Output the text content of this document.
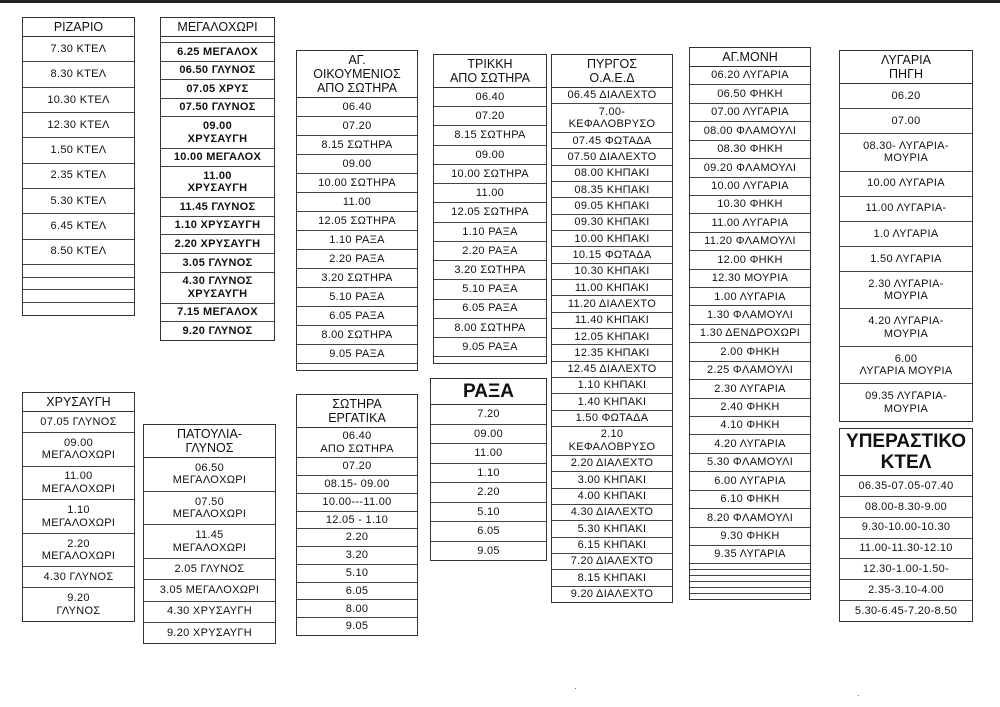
ΡΙΖΑΡΙΟ
7.30 ΚΤΕΛ
8.30 ΚΤΕΛ
10.30 ΚΤΕΛ
12.30 ΚΤΕΛ
1.50 ΚΤΕΛ
2.35 ΚΤΕΛ
5.30 ΚΤΕΛ
6.45 ΚΤΕΛ
8.50 ΚΤΕΛ
ΜΕΓΑΛΟΧΩΡΙ
6.25 ΜΕΓΑΛΟΧ
06.50 ΓΛΥΝΟΣ
07.05 ΧΡΥΣ
07.50 ΓΛΥΝΟΣ
09.00
ΧΡΥΣΑΥΓΗ
10.00 ΜΕΓΑΛΟΧ
11.00
ΧΡΥΣΑΥΓΗ
11.45 ΓΛΥΝΟΣ
1.10 ΧΡΥΣΑΥΓΗ
2.20 ΧΡΥΣΑΥΓΗ
3.05 ΓΛΥΝΟΣ
4.30 ΓΛΥΝΟΣ
ΧΡΥΣΑΥΓΗ
7.15 ΜΕΓΑΛΟΧ
9.20 ΓΛΥΝΟΣ
ΑΓ.
ΟΙΚΟΥΜΕΝΙΟΣ
ΑΠΟ ΣΩΤΗΡΑ
06.40
07.20
8.15 ΣΩΤΗΡΑ
09.00
10.00 ΣΩΤΗΡΑ
11.00
12.05 ΣΩΤΗΡΑ
1.10 ΡΑΞΑ
2.20 ΡΑΞΑ
3.20 ΣΩΤΗΡΑ
5.10 ΡΑΞΑ
6.05 ΡΑΞΑ
8.00 ΣΩΤΗΡΑ
9.05 ΡΑΞΑ
ΤΡΙΚΚΗ
ΑΠΟ ΣΩΤΗΡΑ
06.40
07.20
8.15 ΣΩΤΗΡΑ
09.00
10.00 ΣΩΤΗΡΑ
11.00
12.05 ΣΩΤΗΡΑ
1.10 ΡΑΞΑ
2.20 ΡΑΞΑ
3.20 ΣΩΤΗΡΑ
5.10 ΡΑΞΑ
6.05 ΡΑΞΑ
8.00 ΣΩΤΗΡΑ
9.05 ΡΑΞΑ
ΠΥΡΓΟΣ
Ο.Α.Ε.Δ
06.45 ΔΙΑΛΕΧΤΟ
7.00-
ΚΕΦΑΛΟΒΡΥΣΟ
07.45 ΦΩΤΑΔΑ
07.50 ΔΙΑΛΕΧΤΟ
08.00 ΚΗΠΑΚΙ
08.35 ΚΗΠΑΚΙ
09.05 ΚΗΠΑΚΙ
09.30 ΚΗΠΑΚΙ
10.00 ΚΗΠΑΚΙ
10.15 ΦΩΤΑΔΑ
10.30 ΚΗΠΑΚΙ
11.00 ΚΗΠΑΚΙ
11.20 ΔΙΑΛΕΧΤΟ
11.40 ΚΗΠΑΚΙ
12.05 ΚΗΠΑΚΙ
12.35 ΚΗΠΑΚΙ
12.45 ΔΙΑΛΕΧΤΟ
1.10 ΚΗΠΑΚΙ
1.40 ΚΗΠΑΚΙ
1.50 ΦΩΤΑΔΑ
2.10
ΚΕΦΑΛΟΒΡΥΣΟ
2.20 ΔΙΑΛΕΧΤΟ
3.00 ΚΗΠΑΚΙ
4.00 ΚΗΠΑΚΙ
4.30 ΔΙΑΛΕΧΤΟ
5.30 ΚΗΠΑΚΙ
6.15 ΚΗΠΑΚΙ
7.20 ΔΙΑΛΕΧΤΟ
8.15 ΚΗΠΑΚΙ
9.20 ΔΙΑΛΕΧΤΟ
ΑΓ.ΜΟΝΗ
06.20 ΛΥΓΑΡΙΑ
06.50 ΦΗΚΗ
07.00 ΛΥΓΑΡΙΑ
08.00 ΦΛΑΜΟΥΛΙ
08.30 ΦΗΚΗ
09.20 ΦΛΑΜΟΥΛΙ
10.00 ΛΥΓΑΡΙΑ
10.30 ΦΗΚΗ
11.00 ΛΥΓΑΡΙΑ
11.20 ΦΛΑΜΟΥΛΙ
12.00 ΦΗΚΗ
12.30 ΜΟΥΡΙΑ
1.00 ΛΥΓΑΡΙΑ
1.30 ΦΛΑΜΟΥΛΙ
1.30 ΔΕΝΔΡΟΧΩΡΙ
2.00 ΦΗΚΗ
2.25 ΦΛΑΜΟΥΛΙ
2.30 ΛΥΓΑΡΙΑ
2.40 ΦΗΚΗ
4.10 ΦΗΚΗ
4.20 ΛΥΓΑΡΙΑ
5.30 ΦΛΑΜΟΥΛΙ
6.00 ΛΥΓΑΡΙΑ
6.10 ΦΗΚΗ
8.20 ΦΛΑΜΟΥΛΙ
9.30 ΦΗΚΗ
9.35 ΛΥΓΑΡΙΑ
ΛΥΓΑΡΙΑ
ΠΗΓΗ
06.20
07.00
08.30- ΛΥΓΑΡΙΑ-
ΜΟΥΡΙΑ
10.00 ΛΥΓΑΡΙΑ
11.00 ΛΥΓΑΡΙΑ-
1.0 ΛΥΓΑΡΙΑ
1.50 ΛΥΓΑΡΙΑ
2.30 ΛΥΓΑΡΙΑ-
ΜΟΥΡΙΑ
4.20 ΛΥΓΑΡΙΑ-
ΜΟΥΡΙΑ
6.00
ΛΥΓΑΡΙΑ ΜΟΥΡΙΑ
09.35 ΛΥΓΑΡΙΑ-
ΜΟΥΡΙΑ
ΥΠΕΡΑΣΤΙΚΟ
ΚΤΕΛ
06.35-07.05-07.40
08.00-8.30-9.00
9.30-10.00-10.30
11.00-11.30-12.10
12.30-1.00-1.50-
2.35-3.10-4.00
5.30-6.45-7.20-8.50
ΧΡΥΣΑΥΓΗ
07.05 ΓΛΥΝΟΣ
09.00
ΜΕΓΑΛΟΧΩΡΙ
11.00
ΜΕΓΑΛΟΧΩΡΙ
1.10
ΜΕΓΑΛΟΧΩΡΙ
2.20
ΜΕΓΑΛΟΧΩΡΙ
4.30 ΓΛΥΝΟΣ
9.20
ΓΛΥΝΟΣ
ΠΑΤΟΥΛΙΑ-
ΓΛΥΝΟΣ
06.50
ΜΕΓΑΛΟΧΩΡΙ
07.50
ΜΕΓΑΛΟΧΩΡΙ
11.45
ΜΕΓΑΛΟΧΩΡΙ
2.05 ΓΛΥΝΟΣ
3.05 ΜΕΓΑΛΟΧΩΡΙ
4.30 ΧΡΥΣΑΥΓΗ
9.20 ΧΡΥΣΑΥΓΗ
ΣΩΤΗΡΑ
ΕΡΓΑΤΙΚΑ
06.40
ΑΠΟ ΣΩΤΗΡΑ
07.20
08.15- 09.00
10.00---11.00
12.05 - 1.10
2.20
3.20
5.10
6.05
8.00
9.05
ΡΑΞΑ
7.20
09.00
11.00
1.10
2.20
5.10
6.05
9.05
·
·
